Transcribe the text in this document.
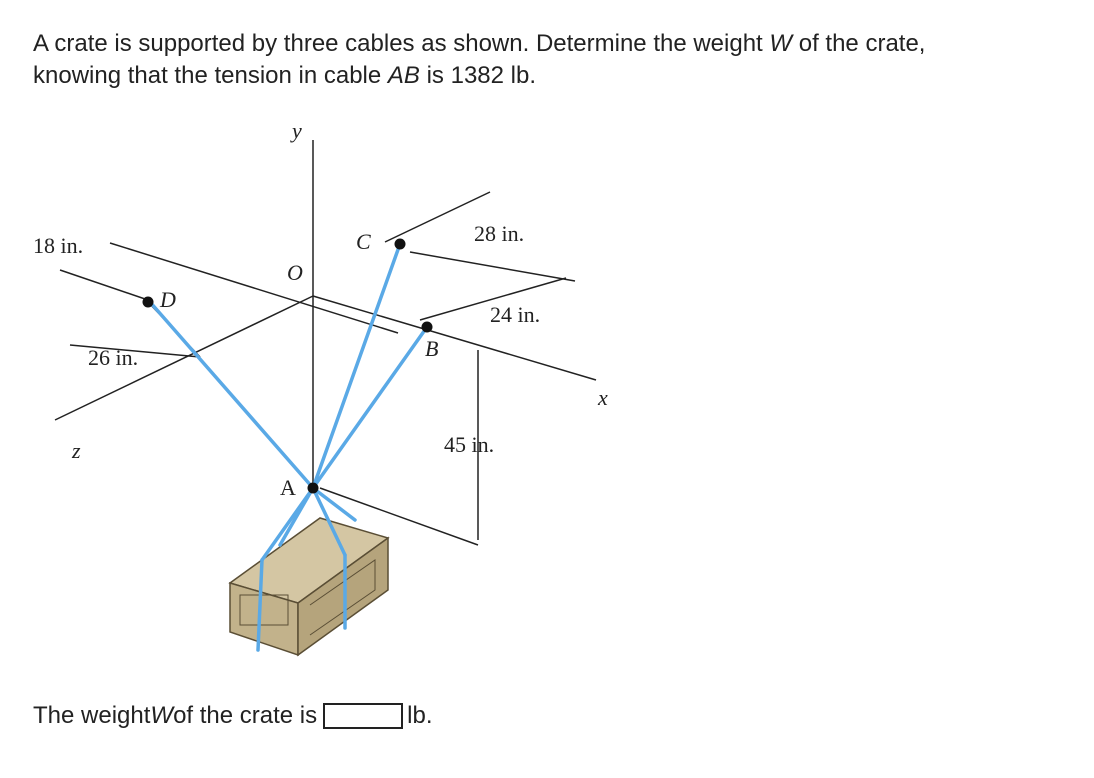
A crate is supported by three cables as shown. Determine the weight W of the crate,
knowing that the tension in cable AB is 1382 lb.
y
x
z
O
A
B
C
D
18 in.
26 in.
28 in.
24 in.
45 in.
The weight W of the crate is	lb.
